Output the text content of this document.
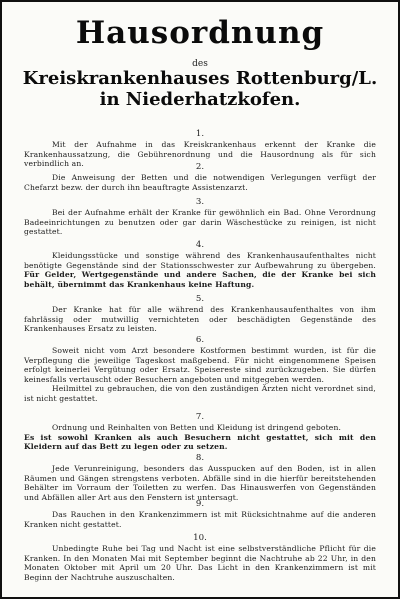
Hausordnung
des
Kreiskrankenhauses Rottenburg/L.
in Niederhatzkofen.
1.
Mit der Aufnahme in das Kreiskrankenhaus erkennt der Kranke die Krankenhaussatzung, die Gebührenordnung und die Hausordnung als für sich verbindlich an.	2.
Die Anweisung der Betten und die notwendigen Verlegungen verfügt der Chefarzt bezw. der durch ihn beauftragte Assistenzarzt.
3.
Bei der Aufnahme erhält der Kranke für gewöhnlich ein Bad. Ohne Verordnung Badeeinrichtungen zu benutzen oder gar darin Wäschestücke zu reinigen, ist nicht gestattet.
4.
Kleidungsstücke und sonstige während des Krankenhausaufenthaltes nicht benötigte Gegenstände sind der Stationsschwester zur Aufbewahrung zu übergeben. Für Gelder, Wertgegenstände und andere Sachen, die der Kranke bei sich behält, übernimmt das Krankenhaus keine Haftung.
5.
Der Kranke hat für alle während des Krankenhausaufenthaltes von ihm fahrlässig oder mutwillig vernichteten oder beschädigten Gegenstände des Krankenhauses Ersatz zu leisten.
6.
Soweit nicht vom Arzt besondere Kostformen bestimmt wurden, ist für die Verpflegung die jeweilige Tageskost maßgebend. Für nicht eingenommene Speisen erfolgt keinerlei Vergütung oder Ersatz. Speisereste sind zurückzugeben. Sie dürfen keinesfalls vertauscht oder Besuchern angeboten und mitgegeben werden.
Heilmittel zu gebrauchen, die von den zuständigen Ärzten nicht verordnet sind, ist nicht gestattet.
7.
Ordnung und Reinhalten von Betten und Kleidung ist dringend geboten.
Es ist sowohl Kranken als auch Besuchern nicht gestattet, sich mit den Kleidern auf das Bett zu legen oder zu setzen.
8.
Jede Verunreinigung, besonders das Ausspucken auf den Boden, ist in allen Räumen und Gängen strengstens verboten. Abfälle sind in die hierfür bereitstehenden Behälter im Vorraum der Toiletten zu werfen. Das Hinauswerfen von Gegenständen und Abfällen aller Art aus den Fenstern ist untersagt.
9.
Das Rauchen in den Krankenzimmern ist mit Rücksichtnahme auf die anderen Kranken nicht gestattet.
10.
Unbedingte Ruhe bei Tag und Nacht ist eine selbstverständliche Pflicht für die Kranken. In den Monaten Mai mit September beginnt die Nachtruhe ab 22 Uhr, in den Monaten Oktober mit April um 20 Uhr. Das Licht in den Krankenzimmern ist mit Beginn der Nachtruhe auszuschalten.
